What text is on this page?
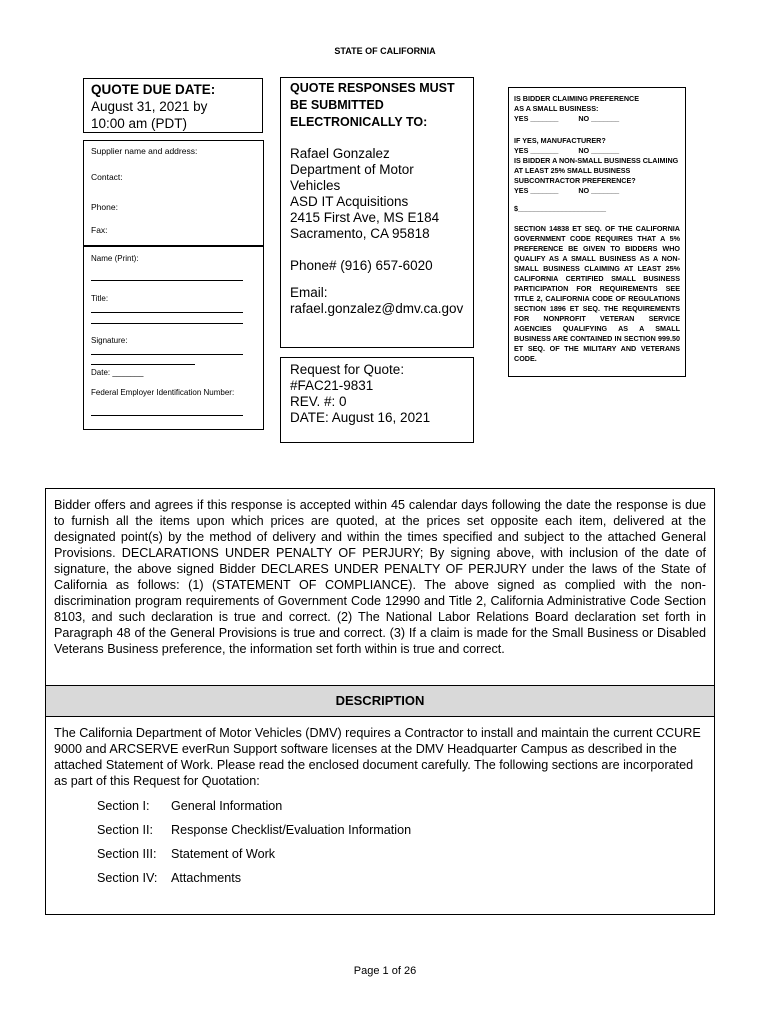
STATE OF CALIFORNIA
QUOTE DUE DATE:
August 31, 2021 by
10:00 am (PDT)
Supplier name and address:
Contact:
Phone:
Fax:
Name (Print):
Title:
Signature:
Date: _______
Federal Employer Identification Number:
QUOTE RESPONSES MUST
BE SUBMITTED
ELECTRONICALLY TO:
Rafael Gonzalez
Department of Motor Vehicles
ASD IT Acquisitions
2415 First Ave, MS E184
Sacramento, CA 95818
Phone# (916) 657-6020
Email:
rafael.gonzalez@dmv.ca.gov
Request for Quote:
#FAC21-9831
REV. #: 0
DATE: August 16, 2021
IS BIDDER CLAIMING PREFERENCE
AS A SMALL BUSINESS:
YES _______          NO _______
IF YES, MANUFACTURER?
YES _______          NO _______
IS BIDDER A NON-SMALL BUSINESS CLAIMING AT LEAST 25% SMALL BUSINESS SUBCONTRACTOR PREFERENCE?
YES _______          NO _______
$______________________
SECTION 14838 ET SEQ. OF THE CALIFORNIA GOVERNMENT CODE REQUIRES THAT A 5% PREFERENCE BE GIVEN TO BIDDERS WHO QUALIFY AS A SMALL BUSINESS AS A NON-SMALL BUSINESS CLAIMING AT LEAST 25% CALIFORNIA CERTIFIED SMALL BUSINESS PARTICIPATION FOR REQUIREMENTS SEE TITLE 2, CALIFORNIA CODE OF REGULATIONS SECTION 1896 ET SEQ. THE REQUIREMENTS FOR NONPROFIT VETERAN SERVICE AGENCIES QUALIFYING AS A SMALL BUSINESS ARE CONTAINED IN SECTION 999.50 ET SEQ. OF THE MILITARY AND VETERANS CODE.
Bidder offers and agrees if this response is accepted within 45 calendar days following the date the response is due to furnish all the items upon which prices are quoted, at the prices set opposite each item, delivered at the designated point(s) by the method of delivery and within the times specified and subject to the attached General Provisions. DECLARATIONS UNDER PENALTY OF PERJURY; By signing above, with inclusion of the date of signature, the above signed Bidder DECLARES UNDER PENALTY OF PERJURY under the laws of the State of California as follows: (1) (STATEMENT OF COMPLIANCE). The above signed as complied with the non-discrimination program requirements of Government Code 12990 and Title 2, California Administrative Code Section 8103, and such declaration is true and correct. (2) The National Labor Relations Board declaration set forth in Paragraph 48 of the General Provisions is true and correct. (3) If a claim is made for the Small Business or Disabled Veterans Business preference, the information set forth within is true and correct.
DESCRIPTION
The California Department of Motor Vehicles (DMV) requires a Contractor to install and maintain the current CCURE 9000 and ARCSERVE everRun Support software licenses at the DMV Headquarter Campus as described in the attached Statement of Work. Please read the enclosed document carefully. The following sections are incorporated as part of this Request for Quotation:
Section I: General Information
Section II: Response Checklist/Evaluation Information
Section III: Statement of Work
Section IV: Attachments
Page 1 of 26
